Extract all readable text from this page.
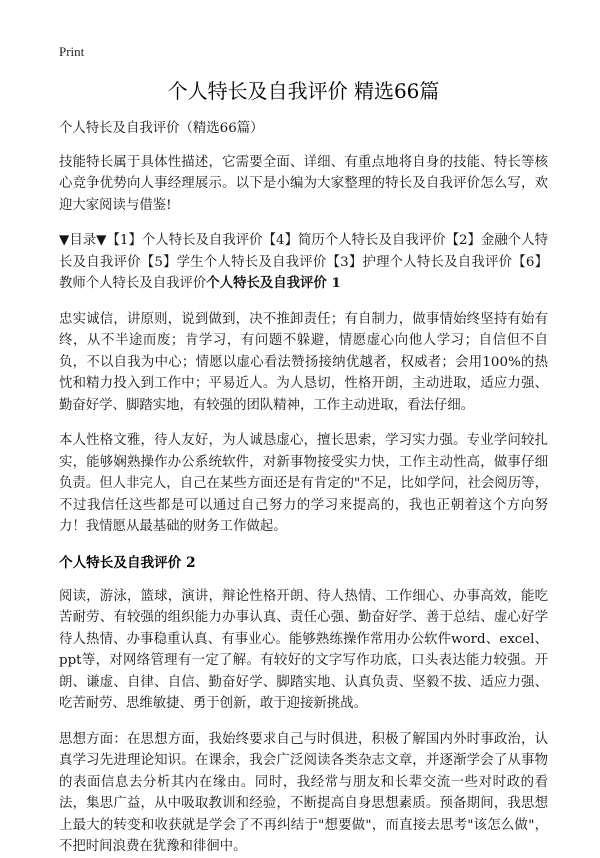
Print
个人特长及自我评价 精选66篇
个人特长及自我评价（精选66篇）
技能特长属于具体性描述，它需要全面、详细、有重点地将自身的技能、特长等核心竞争优势向人事经理展示。以下是小编为大家整理的特长及自我评价怎么写，欢迎大家阅读与借鉴!
▼目录▼【1】个人特长及自我评价【4】简历个人特长及自我评价【2】金融个人特长及自我评价【5】学生个人特长及自我评价【3】护理个人特长及自我评价【6】教师个人特长及自我评价个人特长及自我评价 1
忠实诚信，讲原则，说到做到，决不推卸责任；有自制力，做事情始终坚持有始有终，从不半途而废；肯学习，有问题不躲避，情愿虚心向他人学习；自信但不自负，不以自我为中心；情愿以虚心看法赞扬接纳优越者，权威者；会用100%的热忱和精力投入到工作中；平易近人。为人恳切，性格开朗，主动进取，适应力强、勤奋好学、脚踏实地，有较强的团队精神，工作主动进取，看法仔细。
本人性格文雅，待人友好，为人诚恳虚心，擅长思索，学习实力强。专业学问较扎实，能够娴熟操作办公系统软件，对新事物接受实力快，工作主动性高，做事仔细负责。但人非完人，自己在某些方面还是有肯定的"不足，比如学问，社会阅历等，不过我信任这些都是可以通过自己努力的学习来提高的，我也正朝着这个方向努力！我情愿从最基础的财务工作做起。
个人特长及自我评价 2
阅读，游泳，篮球，演讲，辩论性格开朗、待人热情、工作细心、办事高效，能吃苦耐劳、有较强的组织能力办事认真、责任心强、勤奋好学、善于总结、虚心好学待人热情、办事稳重认真、有事业心。能够熟练操作常用办公软件word、excel、ppt等，对网络管理有一定了解。有较好的文字写作功底，口头表达能力较强。开朗、谦虚、自律、自信、勤奋好学、脚踏实地、认真负责、坚毅不拔、适应力强、吃苦耐劳、思维敏捷、勇于创新，敢于迎接新挑战。
思想方面：在思想方面，我始终要求自己与时俱进，积极了解国内外时事政治，认真学习先进理论知识。在课余，我会广泛阅读各类杂志文章，并逐渐学会了从事物的表面信息去分析其内在缘由。同时，我经常与朋友和长辈交流一些对时政的看法，集思广益，从中吸取教训和经验，不断提高自身思想素质。预备期间，我思想上最大的转变和收获就是学会了不再纠结于"想要做"，而直接去思考"该怎么做"，不把时间浪费在犹豫和徘徊中。
